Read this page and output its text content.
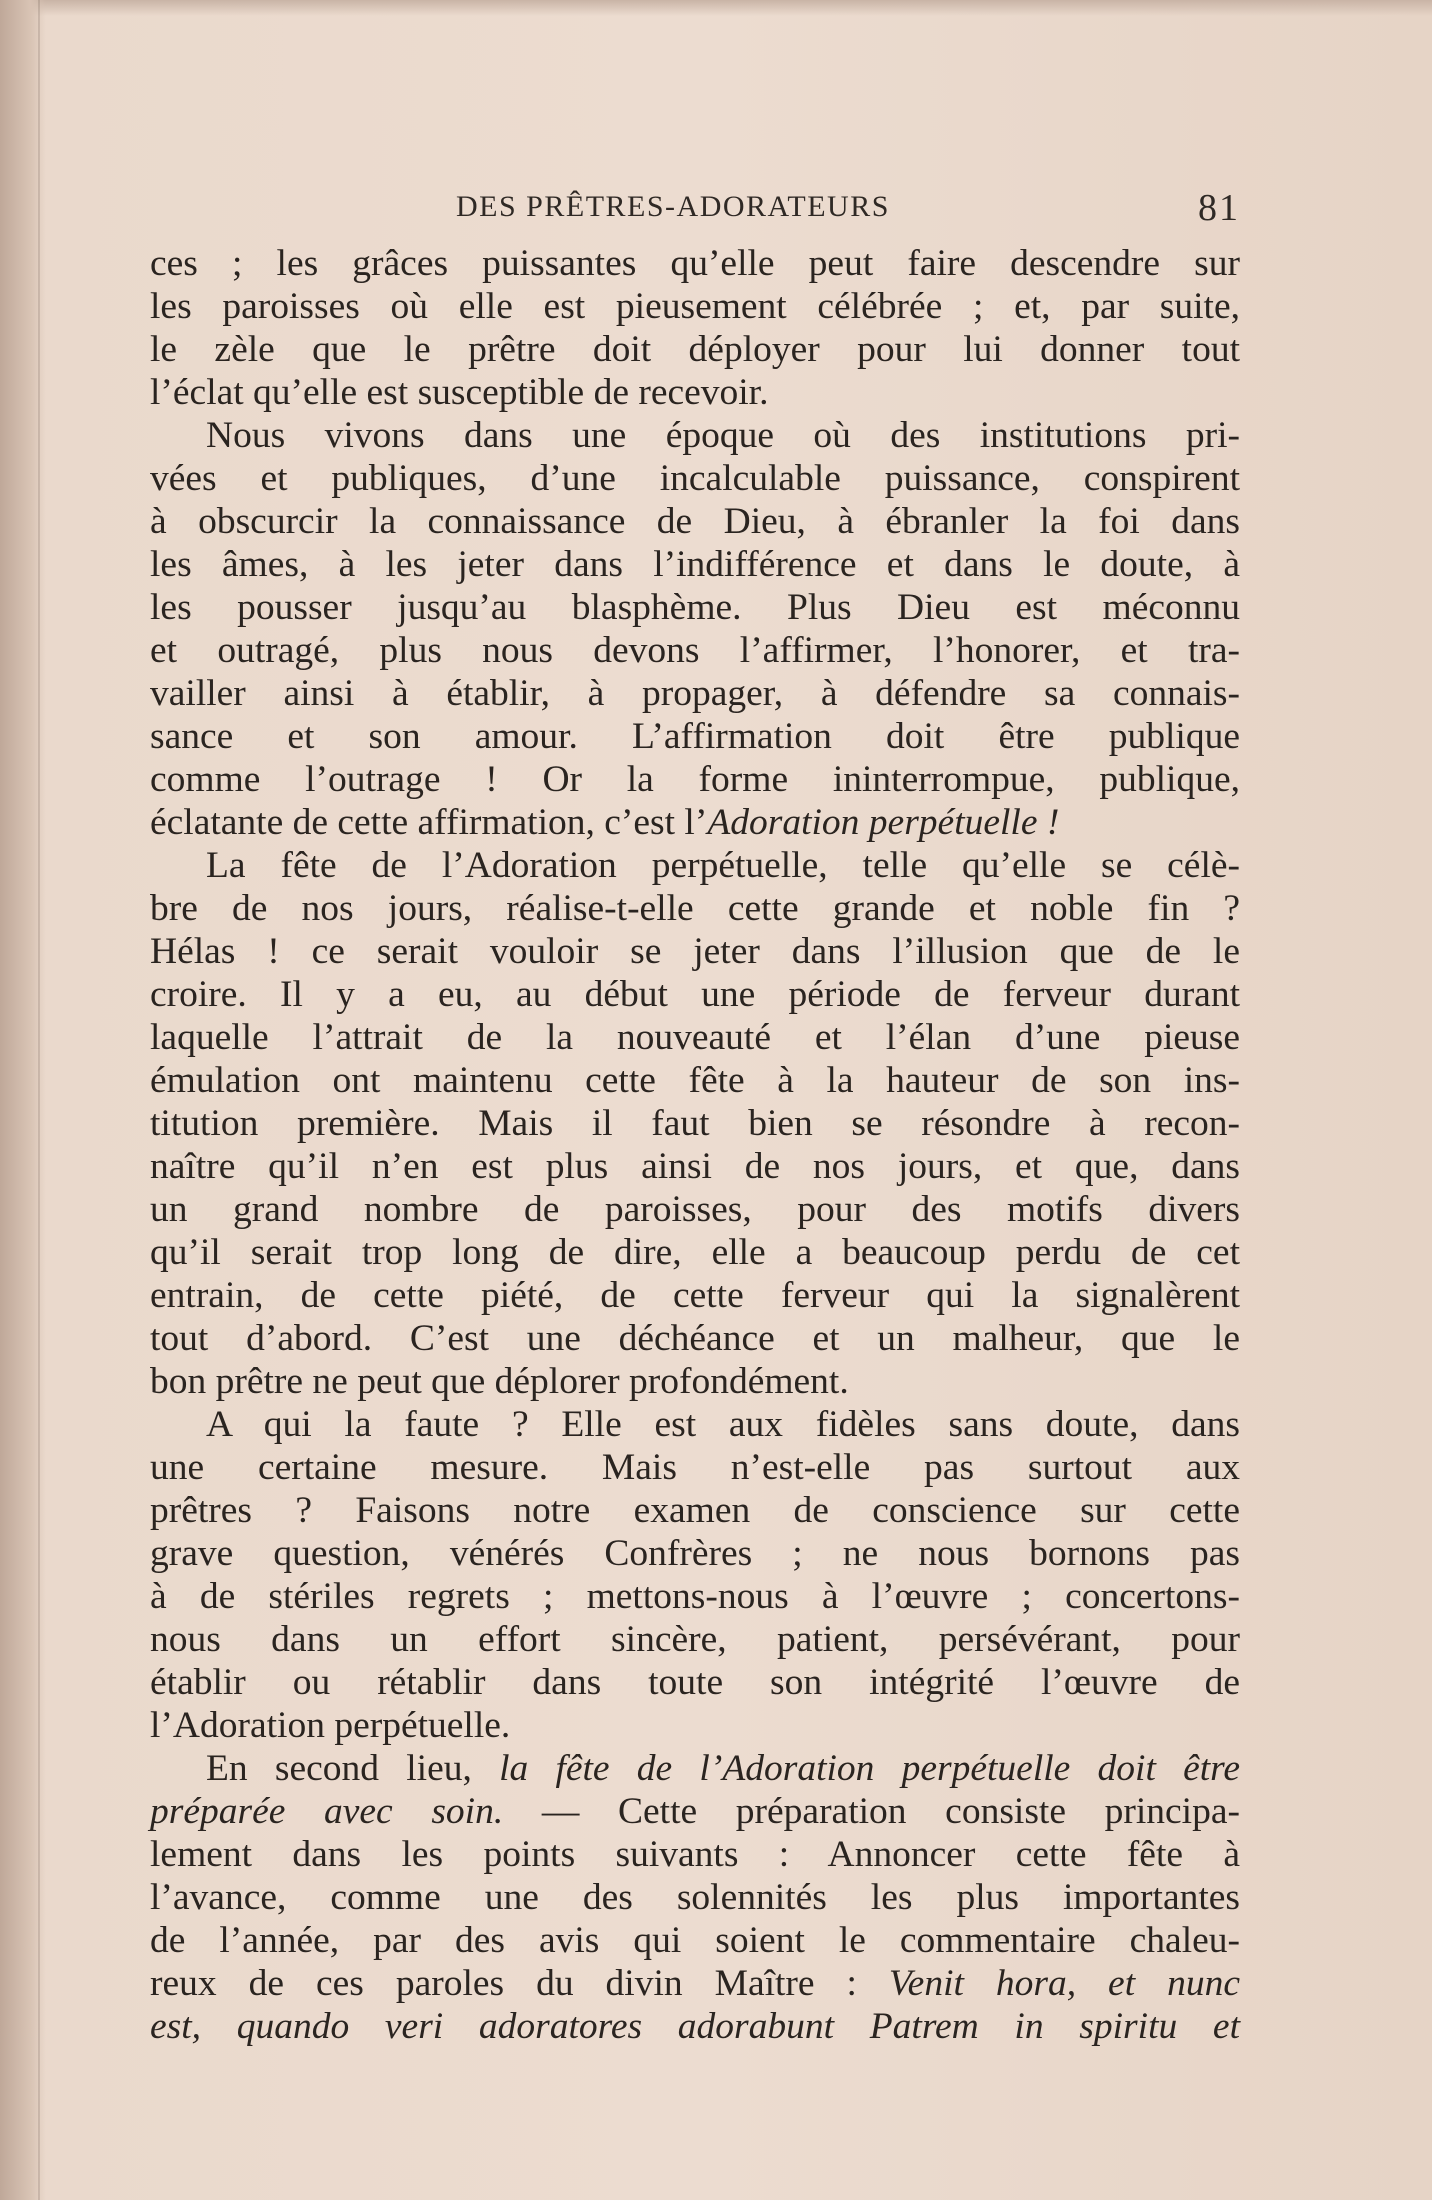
DES PRÊTRES-ADORATEURS	81
ces ; les grâces puissantes qu’elle peut faire descendre sur
les paroisses où elle est pieusement célébrée ; et, par suite,
le zèle que le prêtre doit déployer pour lui donner tout
l’éclat qu’elle est susceptible de recevoir.
Nous vivons dans une époque où des institutions pri-
vées et publiques, d’une incalculable puissance, conspirent
à obscurcir la connaissance de Dieu, à ébranler la foi dans
les âmes, à les jeter dans l’indifférence et dans le doute, à
les pousser jusqu’au blasphème. Plus Dieu est méconnu
et outragé, plus nous devons l’affirmer, l’honorer, et tra-
vailler ainsi à établir, à propager, à défendre sa connais-
sance et son amour. L’affirmation doit être publique
comme l’outrage ! Or la forme ininterrompue, publique,
éclatante de cette affirmation, c’est l’Adoration perpétuelle !
La fête de l’Adoration perpétuelle, telle qu’elle se célè-
bre de nos jours, réalise-t-elle cette grande et noble fin ?
Hélas ! ce serait vouloir se jeter dans l’illusion que de le
croire. Il y a eu, au début une période de ferveur durant
laquelle l’attrait de la nouveauté et l’élan d’une pieuse
émulation ont maintenu cette fête à la hauteur de son ins-
titution première. Mais il faut bien se résondre à recon-
naître qu’il n’en est plus ainsi de nos jours, et que, dans
un grand nombre de paroisses, pour des motifs divers
qu’il serait trop long de dire, elle a beaucoup perdu de cet
entrain, de cette piété, de cette ferveur qui la signalèrent
tout d’abord. C’est une déchéance et un malheur, que le
bon prêtre ne peut que déplorer profondément.
A qui la faute ? Elle est aux fidèles sans doute, dans
une certaine mesure. Mais n’est-elle pas surtout aux
prêtres ? Faisons notre examen de conscience sur cette
grave question, vénérés Confrères ; ne nous bornons pas
à de stériles regrets ; mettons-nous à l’œuvre ; concertons-
nous dans un effort sincère, patient, persévérant, pour
établir ou rétablir dans toute son intégrité l’œuvre de
l’Adoration perpétuelle.
En second lieu, la fête de l’Adoration perpétuelle doit être
préparée avec soin. — Cette préparation consiste principa-
lement dans les points suivants : Annoncer cette fête à
l’avance, comme une des solennités les plus importantes
de l’année, par des avis qui soient le commentaire chaleu-
reux de ces paroles du divin Maître : Venit hora, et nunc
est, quando veri adoratores adorabunt Patrem in spiritu et
